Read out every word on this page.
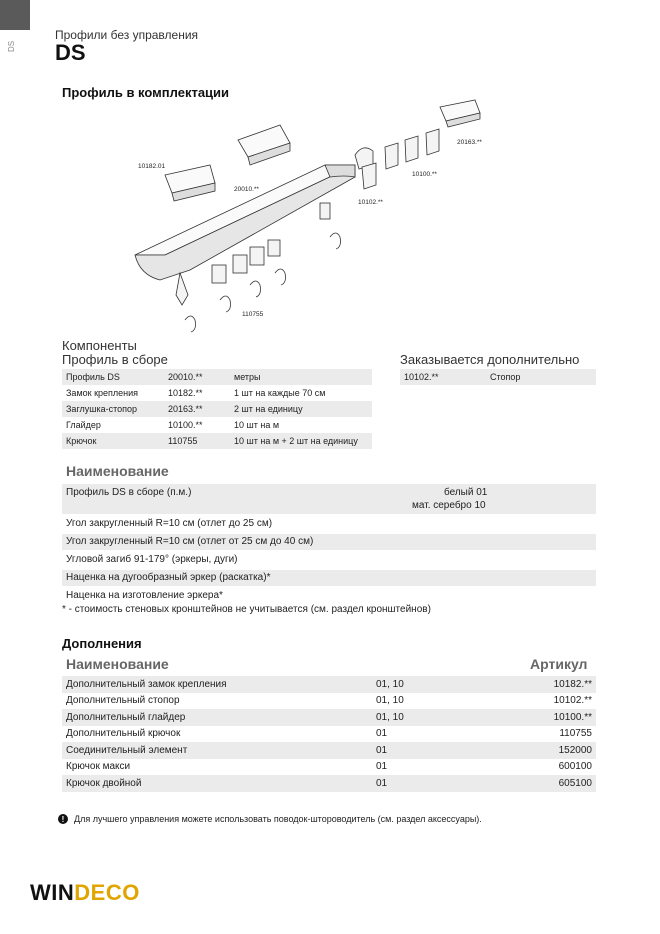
DS
Профили без управления
DS
Профиль в комплектации
10182.01
20010.**
10102.**
10100.**
20163.**
110755
Компоненты
Профиль в сборе
Профиль DS	20010.**	метры
Замок крепления	10182.**	1 шт на каждые 70 см
Заглушка-стопор	20163.**	2 шт на единицу
Глайдер	10100.**	10 шт на м
Крючок	110755	10 шт на м + 2 шт на единицу
Заказывается дополнительно
10102.**	Стопор
Наименование
Профиль DS в сборе (п.м.)	белый 01
мат. серебро 10
Угол закругленный R=10 см (отлет до 25 см)
Угол закругленный R=10 см (отлет от 25 см до 40 см)
Угловой загиб 91-179° (эркеры, дуги)
Наценка на дугообразный эркер (раскатка)*
Наценка на изготовление эркера*
* - стоимость стеновых кронштейнов не учитывается (см. раздел кронштейнов)
Дополнения
Наименование	Артикул
Дополнительный замок крепления	01, 10	10182.**
Дополнительный стопор	01, 10	10102.**
Дополнительный глайдер	01, 10	10100.**
Дополнительный крючок	01	110755
Соединительный элемент	01	152000
Крючок макси	01	600100
Крючок двойной	01	605100
!	Для лучшего управления можете использовать поводок-шторoводитель (см. раздел аксессуары).
WINDECO
